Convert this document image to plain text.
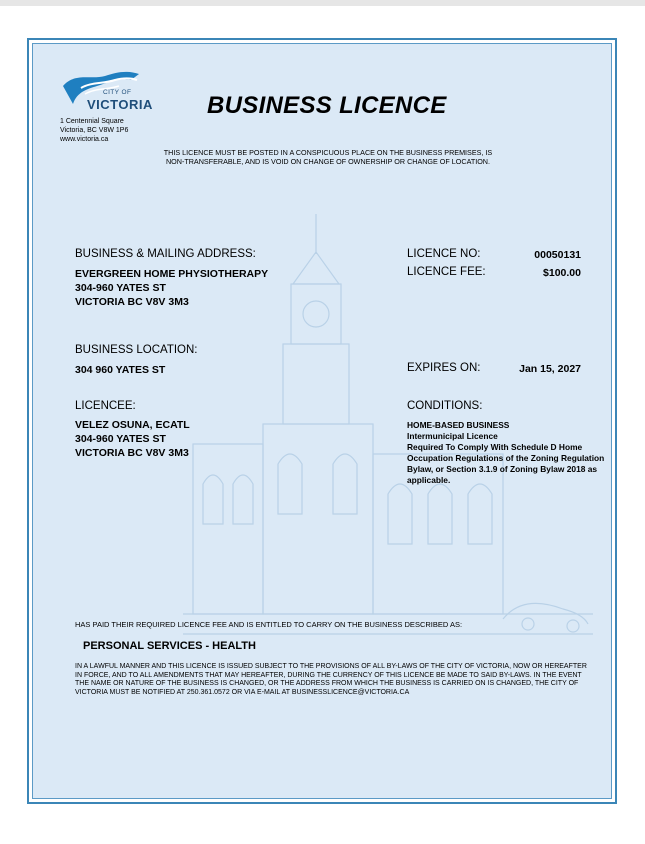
CITY OF
VICTORIA
1 Centennial Square
Victoria, BC V8W 1P6
www.victoria.ca
BUSINESS LICENCE
THIS LICENCE MUST BE POSTED IN A CONSPICUOUS PLACE ON THE BUSINESS PREMISES, IS
NON-TRANSFERABLE, AND IS VOID ON CHANGE OF OWNERSHIP OR CHANGE OF LOCATION.
BUSINESS & MAILING ADDRESS:
EVERGREEN HOME PHYSIOTHERAPY
304-960 YATES ST
VICTORIA BC V8V 3M3
LICENCE NO:	00050131
LICENCE FEE:	$100.00
BUSINESS LOCATION:
304 960 YATES ST	EXPIRES ON:	Jan 15, 2027
LICENCEE:
VELEZ OSUNA, ECATL
304-960 YATES ST
VICTORIA BC V8V 3M3
CONDITIONS:
HOME-BASED BUSINESS
Intermunicipal Licence
Required To Comply With Schedule D Home Occupation Regulations of the Zoning Regulation Bylaw, or Section 3.1.9 of Zoning Bylaw 2018 as applicable.
HAS PAID THEIR REQUIRED LICENCE FEE AND IS ENTITLED TO CARRY ON THE BUSINESS DESCRIBED AS:
PERSONAL SERVICES - HEALTH
IN A LAWFUL MANNER AND THIS LICENCE IS ISSUED SUBJECT TO THE PROVISIONS OF ALL BY-LAWS OF THE CITY OF VICTORIA, NOW OR HEREAFTER IN FORCE, AND TO ALL AMENDMENTS THAT MAY HEREAFTER, DURING THE CURRENCY OF THIS LICENCE BE MADE TO SAID BY-LAWS. IN THE EVENT THE NAME OR NATURE OF THE BUSINESS IS CHANGED, OR THE ADDRESS FROM WHICH THE BUSINESS IS CARRIED ON IS CHANGED, THE CITY OF VICTORIA MUST BE NOTIFIED AT 250.361.0572 OR VIA E-MAIL AT BUSINESSLICENCE@VICTORIA.CA
